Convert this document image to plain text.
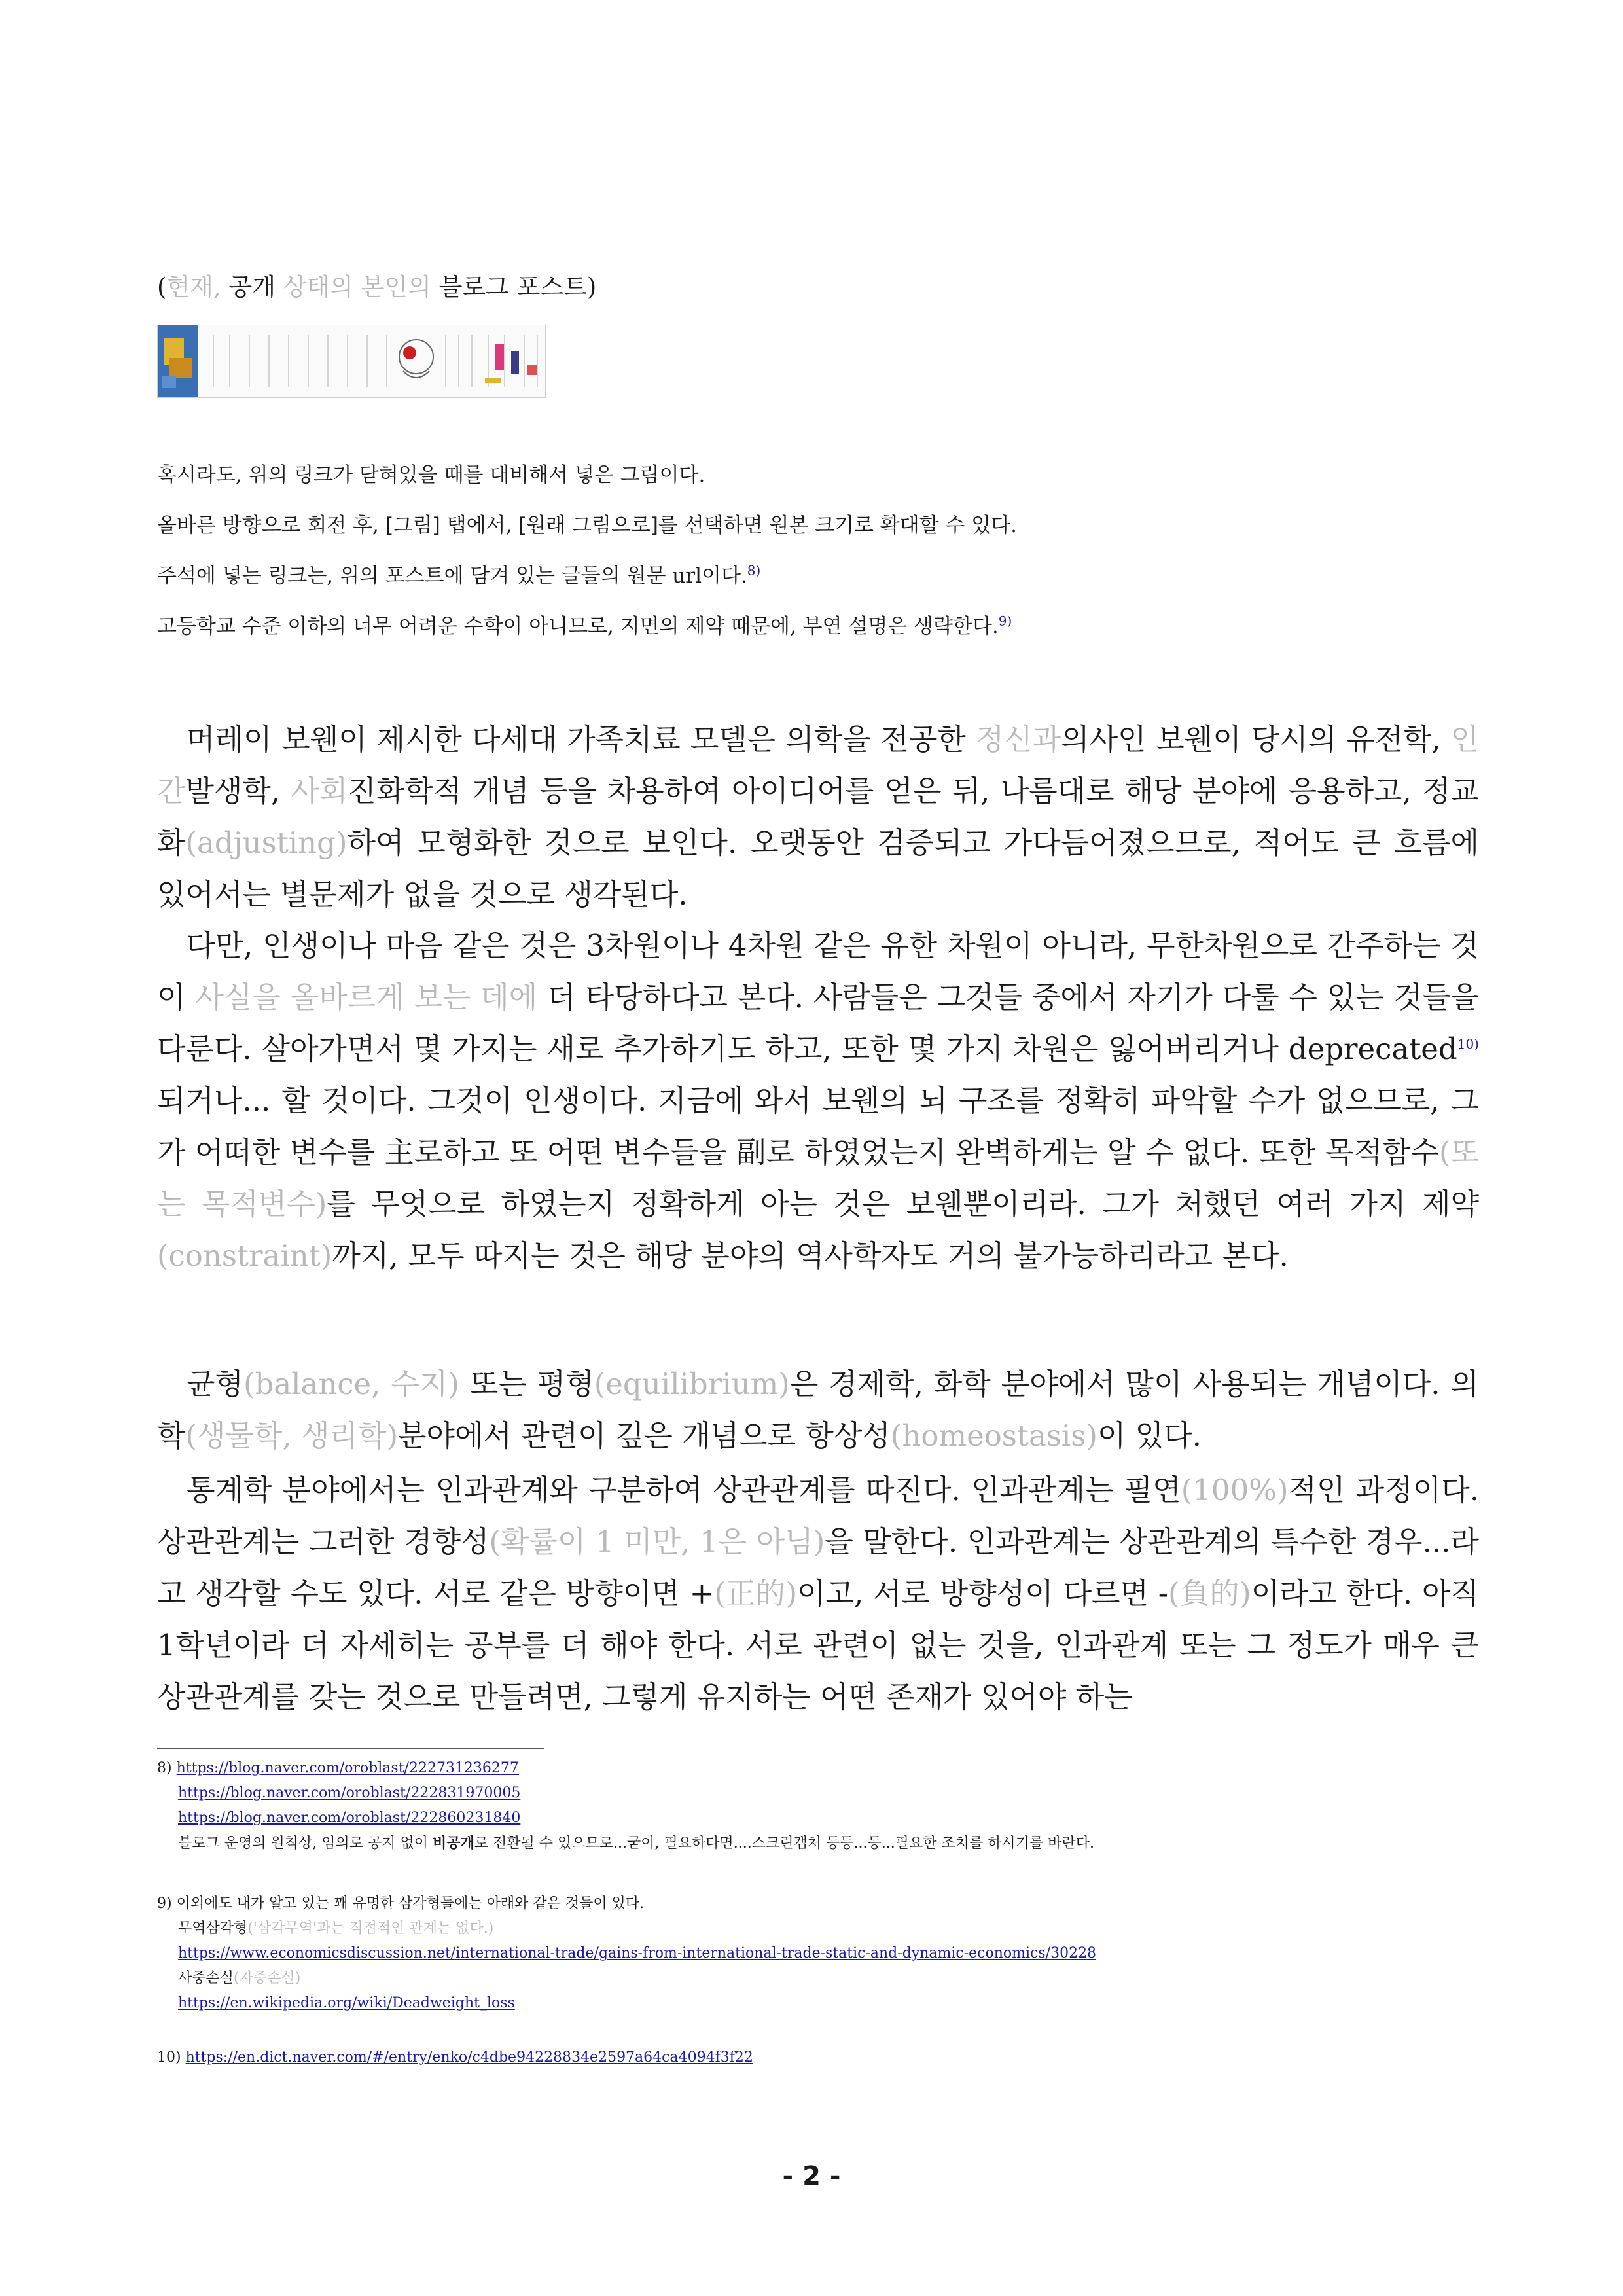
(현재, 공개 상태의 본인의 블로그 포스트)
혹시라도, 위의 링크가 닫혀있을 때를 대비해서 넣은 그림이다.
올바른 방향으로 회전 후, [그림] 탭에서, [원래 그림으로]를 선택하면 원본 크기로 확대할 수 있다.
주석에 넣는 링크는, 위의 포스트에 담겨 있는 글들의 원문 url이다.$^{8)}$
고등학교 수준 이하의 너무 어려운 수학이 아니므로, 지면의 제약 때문에, 부연 설명은 생략한다.$^{9)}$

머레이 보웬이 제시한 다세대 가족치료 모델은 의학을 전공한 정신과의사인 보웬이 당시의 유전학, 인간발생학, 사회진화학적 개념 등을 차용하여 아이디어를 얻은 뒤, 나름대로 해당 분야에 응용하고, 정교화(adjusting)하여 모형화한 것으로 보인다. 오랫동안 검증되고 가다듬어졌으므로, 적어도 큰 흐름에 있어서는 별문제가 없을 것으로 생각된다.

다만, 인생이나 마음 같은 것은 3차원이나 4차원 같은 유한 차원이 아니라, 무한차원으로 간주하는 것이 사실을 올바르게 보는 데에 더 타당하다고 본다. 사람들은 그것들 중에서 자기가 다룰 수 있는 것들을 다룬다. 살아가면서 몇 가지는 새로 추가하기도 하고, 또한 몇 가지 차원은 잃어버리거나 deprecated$^{10)}$되거나... 할 것이다. 그것이 인생이다. 지금에 와서 보웬의 뇌 구조를 정확히 파악할 수가 없으므로, 그가 어떠한 변수를 主로하고 또 어떤 변수들을 副로 하였었는지 완벽하게는 알 수 없다. 또한 목적함수(또는 목적변수)를 무엇으로 하였는지 정확하게 아는 것은 보웬뿐이리라. 그가 처했던 여러 가지 제약(constraint)까지, 모두 따지는 것은 해당 분야의 역사학자도 거의 불가능하리라고 본다.

균형(balance, 수지) 또는 평형(equilibrium)은 경제학, 화학 분야에서 많이 사용되는 개념이다. 의학(생물학, 생리학)분야에서 관련이 깊은 개념으로 항상성(homeostasis)이 있다.

통계학 분야에서는 인과관계와 구분하여 상관관계를 따진다. 인과관계는 필연(100%)적인 과정이다. 상관관계는 그러한 경향성(확률이 1 미만, 1은 아님)을 말한다. 인과관계는 상관관계의 특수한 경우...라고 생각할 수도 있다. 서로 같은 방향이면 +(正的)이고, 서로 방향성이 다르면 -(負的)이라고 한다. 아직 1학년이라 더 자세히는 공부를 더 해야 한다. 서로 관련이 없는 것을, 인과관계 또는 그 정도가 매우 큰 상관관계를 갖는 것으로 만들려면, 그렇게 유지하는 어떤 존재가 있어야 하는

8) https://blog.naver.com/oroblast/222731236277
https://blog.naver.com/oroblast/222831970005
https://blog.naver.com/oroblast/222860231840
블로그 운영의 원칙상, 임의로 공지 없이 비공개로 전환될 수 있으므로...굳이, 필요하다면....스크린캡처 등등...등...필요한 조치를 하시기를 바란다.
9) 이외에도 내가 알고 있는 꽤 유명한 삼각형들에는 아래와 같은 것들이 있다.
무역삼각형('삼각무역'과는 직접적인 관계는 없다.)
https://www.economicsdiscussion.net/international-trade/gains-from-international-trade-static-and-dynamic-economics/30228
사중손실(자중손실)
https://en.wikipedia.org/wiki/Deadweight_loss
10) https://en.dict.naver.com/#/entry/enko/c4dbe94228834e2597a64ca4094f3f22
- 2 -
